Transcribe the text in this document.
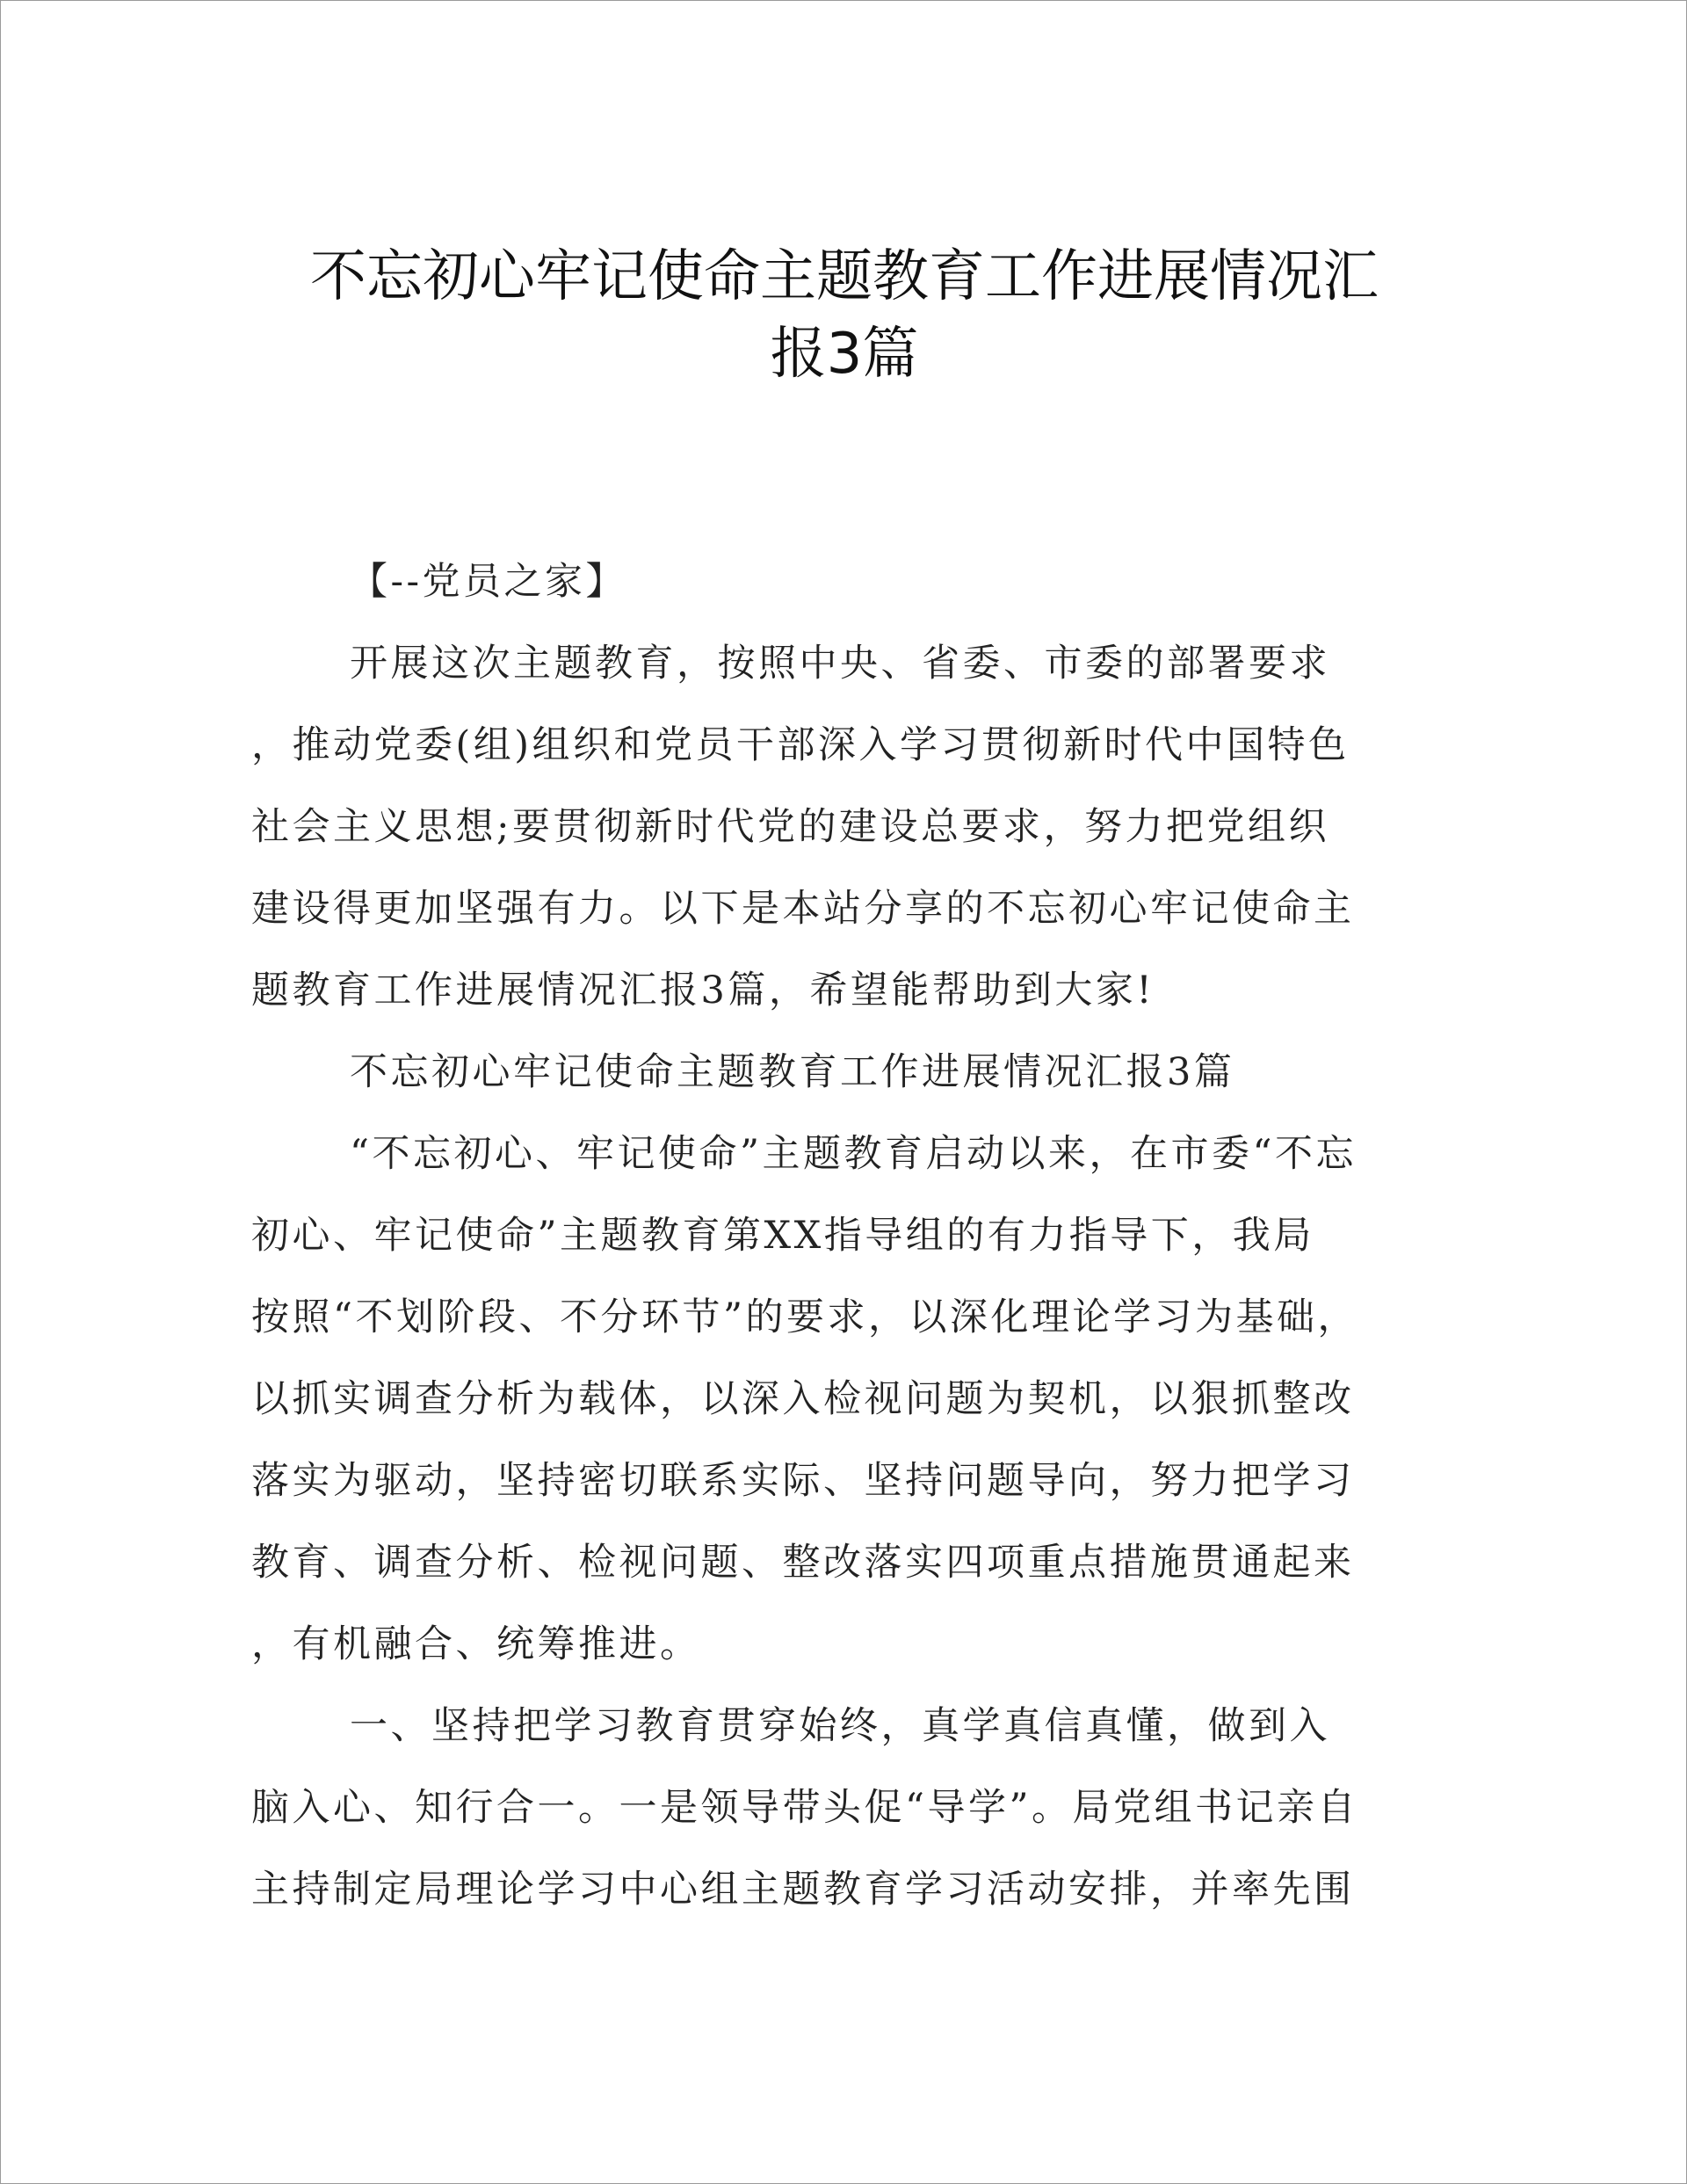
不忘初心牢记使命主题教育工作进展情况汇
报3篇
【--党员之家】
开展这次主题教育，按照中央、省委、市委的部署要求
，推动党委(组)组织和党员干部深入学习贯彻新时代中国特色
社会主义思想;要贯彻新时代党的建设总要求，努力把党组织
建设得更加坚强有力。以下是本站分享的不忘初心牢记使命主
题教育工作进展情况汇报3篇，希望能帮助到大家!
不忘初心牢记使命主题教育工作进展情况汇报3篇
“不忘初心、牢记使命”主题教育启动以来，在市委“不忘
初心、牢记使命”主题教育第XX指导组的有力指导下，我局
按照“不划阶段、不分环节”的要求，以深化理论学习为基础，
以抓实调查分析为载体，以深入检视问题为契机，以狠抓整改
落实为驱动，坚持密切联系实际、坚持问题导向，努力把学习
教育、调查分析、检视问题、整改落实四项重点措施贯通起来
，有机融合、统筹推进。
一、坚持把学习教育贯穿始终，真学真信真懂，做到入
脑入心、知行合一。一是领导带头促“导学”。局党组书记亲自
主持制定局理论学习中心组主题教育学习活动安排，并率先围
